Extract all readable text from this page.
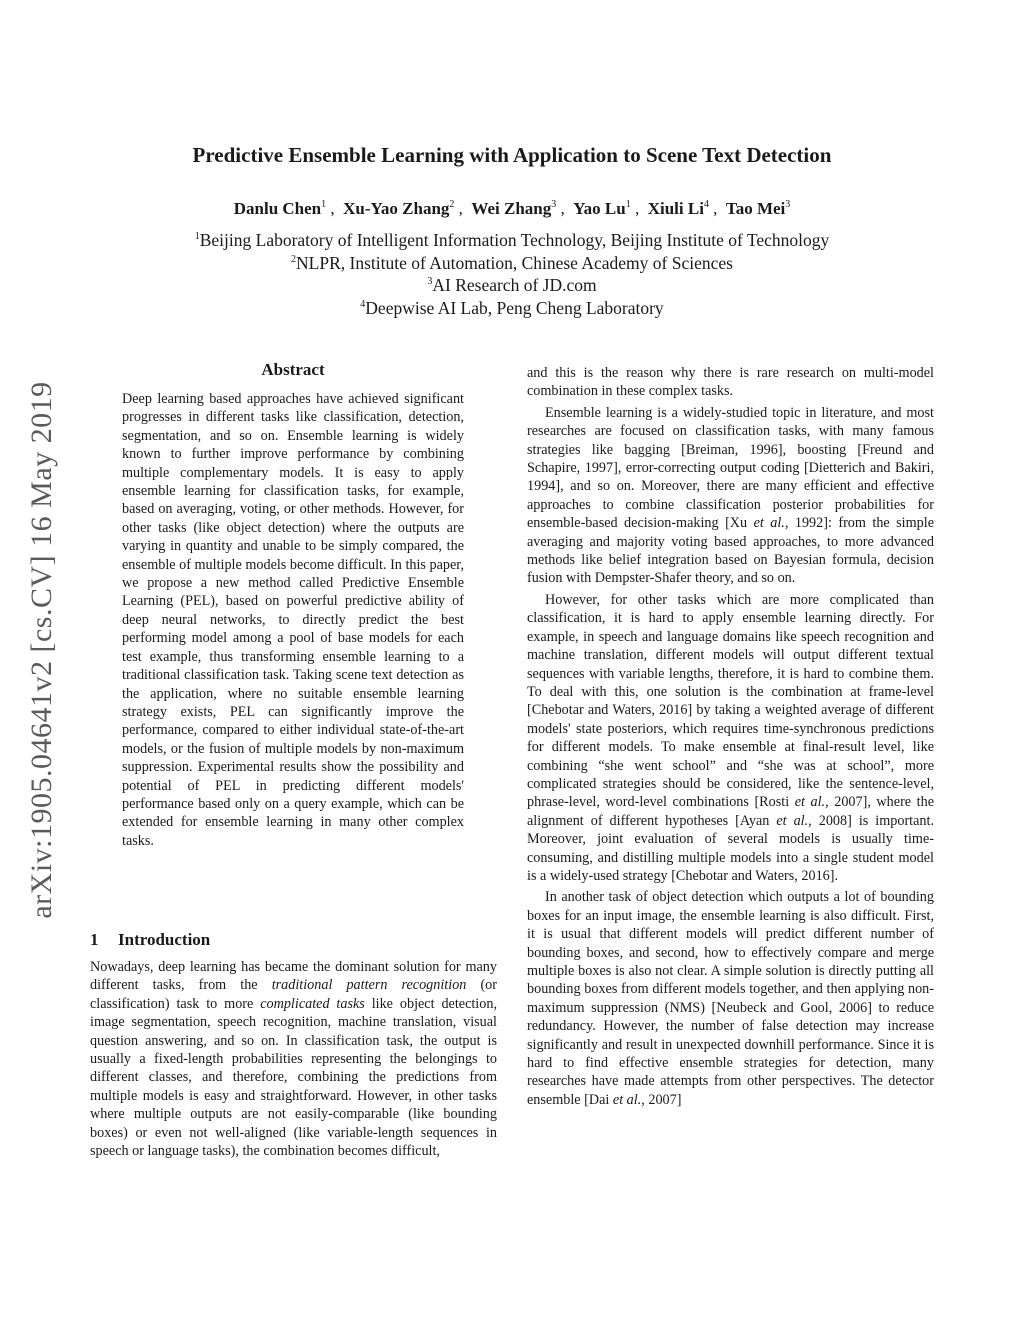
arXiv:1905.04641v2 [cs.CV] 16 May 2019
Predictive Ensemble Learning with Application to Scene Text Detection
Danlu Chen$^1$ ,  Xu-Yao Zhang$^2$ ,  Wei Zhang$^3$ ,  Yao Lu$^1$ ,  Xiuli Li$^4$ ,  Tao Mei$^3$
$^1$Beijing Laboratory of Intelligent Information Technology, Beijing Institute of Technology
$^2$NLPR, Institute of Automation, Chinese Academy of Sciences
$^3$AI Research of JD.com
$^4$Deepwise AI Lab, Peng Cheng Laboratory
Abstract

Deep learning based approaches have achieved significant progresses in different tasks like classification, detection, segmentation, and so on. Ensemble learning is widely known to further improve performance by combining multiple complementary models. It is easy to apply ensemble learning for classification tasks, for example, based on averaging, voting, or other methods. However, for other tasks (like object detection) where the outputs are varying in quantity and unable to be simply compared, the ensemble of multiple models become difficult. In this paper, we propose a new method called Predictive Ensemble Learning (PEL), based on powerful predictive ability of deep neural networks, to directly predict the best performing model among a pool of base models for each test example, thus transforming ensemble learning to a traditional classification task. Taking scene text detection as the application, where no suitable ensemble learning strategy exists, PEL can significantly improve the performance, compared to either individual state-of-the-art models, or the fusion of multiple models by non-maximum suppression. Experimental results show the possibility and potential of PEL in predicting different models' performance based only on a query example, which can be extended for ensemble learning in many other complex tasks.

1 Introduction

Nowadays, deep learning has became the dominant solution for many different tasks, from the traditional pattern recognition (or classification) task to more complicated tasks like object detection, image segmentation, speech recognition, machine translation, visual question answering, and so on. In classification task, the output is usually a fixed-length probabilities representing the belongings to different classes, and therefore, combining the predictions from multiple models is easy and straightforward. However, in other tasks where multiple outputs are not easily-comparable (like bounding boxes) or even not well-aligned (like variable-length sequences in speech or language tasks), the combination becomes difficult,

and this is the reason why there is rare research on multi-model combination in these complex tasks.

Ensemble learning is a widely-studied topic in literature, and most researches are focused on classification tasks, with many famous strategies like bagging [Breiman, 1996], boosting [Freund and Schapire, 1997], error-correcting output coding [Dietterich and Bakiri, 1994], and so on. Moreover, there are many efficient and effective approaches to combine classification posterior probabilities for ensemble-based decision-making [Xu et al., 1992]: from the simple averaging and majority voting based approaches, to more advanced methods like belief integration based on Bayesian formula, decision fusion with Dempster-Shafer theory, and so on.

However, for other tasks which are more complicated than classification, it is hard to apply ensemble learning directly. For example, in speech and language domains like speech recognition and machine translation, different models will output different textual sequences with variable lengths, therefore, it is hard to combine them. To deal with this, one solution is the combination at frame-level [Chebotar and Waters, 2016] by taking a weighted average of different models' state posteriors, which requires time-synchronous predictions for different models. To make ensemble at final-result level, like combining “she went school” and “she was at school”, more complicated strategies should be considered, like the sentence-level, phrase-level, word-level combinations [Rosti et al., 2007], where the alignment of different hypotheses [Ayan et al., 2008] is important. Moreover, joint evaluation of several models is usually time-consuming, and distilling multiple models into a single student model is a widely-used strategy [Chebotar and Waters, 2016].

In another task of object detection which outputs a lot of bounding boxes for an input image, the ensemble learning is also difficult. First, it is usual that different models will predict different number of bounding boxes, and second, how to effectively compare and merge multiple boxes is also not clear. A simple solution is directly putting all bounding boxes from different models together, and then applying non-maximum suppression (NMS) [Neubeck and Gool, 2006] to reduce redundancy. However, the number of false detection may increase significantly and result in unexpected downhill performance. Since it is hard to find effective ensemble strategies for detection, many researches have made attempts from other perspectives. The detector ensemble [Dai et al., 2007]
